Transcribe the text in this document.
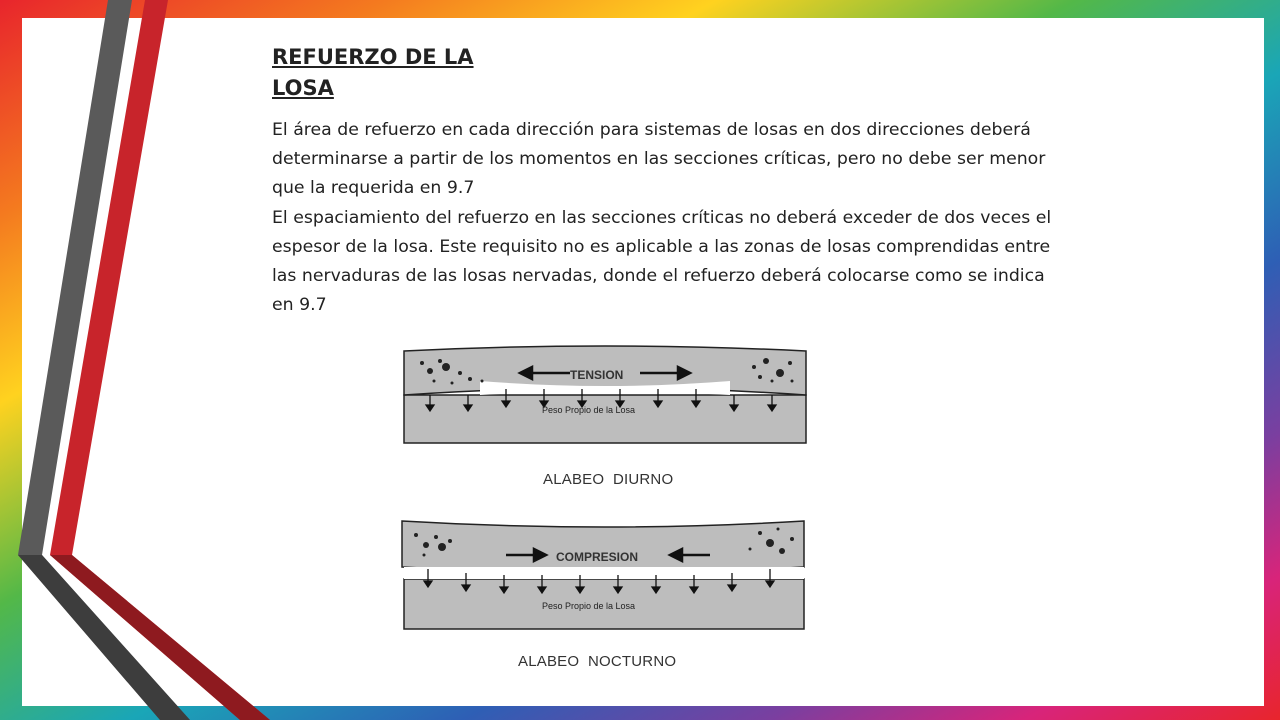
REFUERZO DE LA LOSA

El área de refuerzo en cada dirección para sistemas de losas en dos direcciones deberá determinarse a partir de los momentos en las secciones críticas, pero no debe ser menor que la requerida en 9.7

El espaciamiento del refuerzo en las secciones críticas no deberá exceder de dos veces el espesor de la losa. Este requisito no es aplicable a las zonas de losas comprendidas entre las nervaduras de las losas nervadas, donde el refuerzo deberá colocarse como se indica en 9.7

TENSION
Peso Propio de la Losa
ALABEO  DIURNO
COMPRESION
Peso Propio de la Losa
ALABEO  NOCTURNO
